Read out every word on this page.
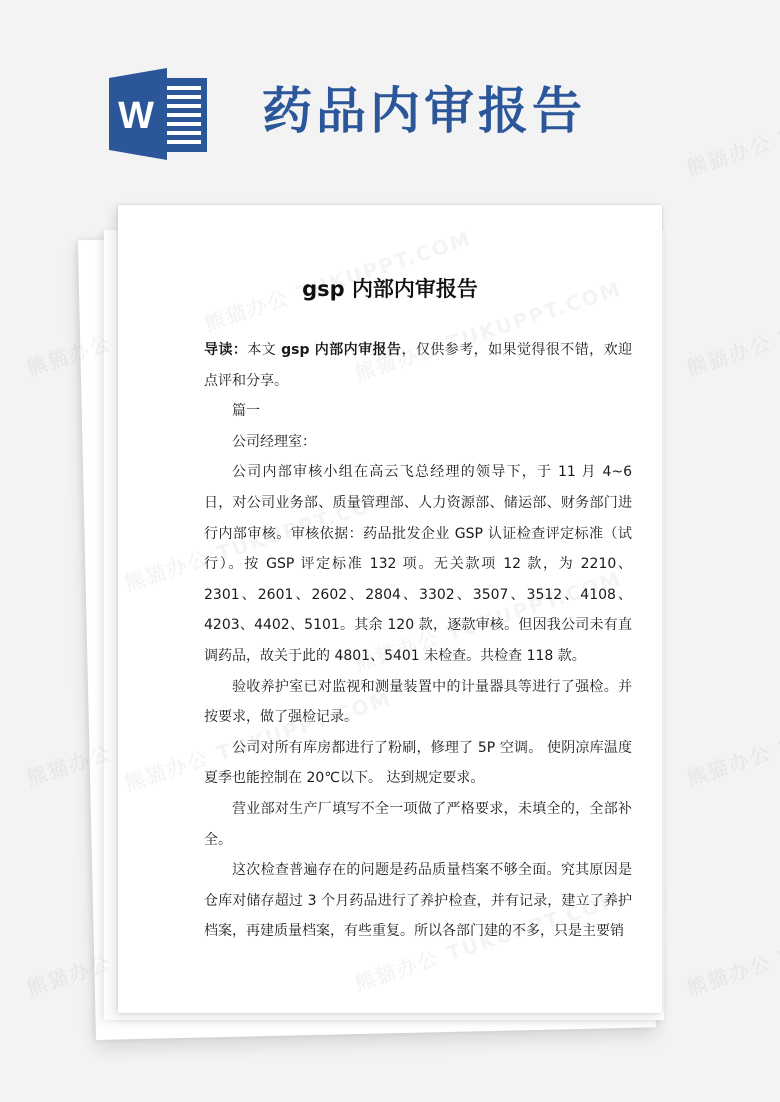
W 药品内审报告
gsp 内部内审报告

导读：本文 gsp 内部内审报告，仅供参考，如果觉得很不错，欢迎点评和分享。

篇一

公司经理室：

公司内部审核小组在高云飞总经理的领导下，于 11 月 4~6 日，对公司业务部、质量管理部、人力资源部、储运部、财务部门进行内部审核。审核依据：药品批发企业 GSP 认证检查评定标准（试行）。按 GSP 评定标准 132 项。无关款项 12 款，为 2210、2301、2601、2602、2804、3302、3507、3512、4108、4203、4402、5101。其余 120 款，逐款审核。但因我公司未有直调药品，故关于此的 4801、5401 未检查。共检查 118 款。

验收养护室已对监视和测量装置中的计量器具等进行了强检。并按要求，做了强检记录。

公司对所有库房都进行了粉刷，修理了 5P 空调。 使阴凉库温度夏季也能控制在 20℃以下。 达到规定要求。

营业部对生产厂填写不全一项做了严格要求，未填全的，全部补全。

这次检查普遍存在的问题是药品质量档案不够全面。究其原因是仓库对储存超过 3 个月药品进行了养护检查，并有记录，建立了养护档案，再建质量档案，有些重复。所以各部门建的不多，只是主要销
